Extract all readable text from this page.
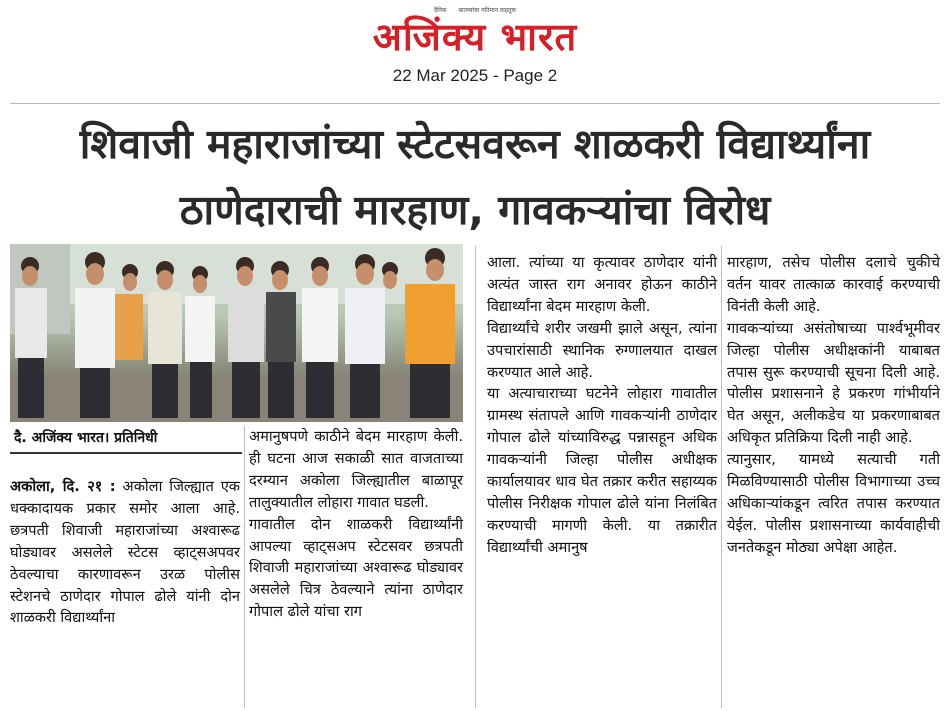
दैनिक बातम्यांचा गतिमान वाहतूक
अजिंक्य भारत
22 Mar 2025 - Page 2
शिवाजी महाराजांच्या स्टेटसवरून शाळकरी विद्यार्थ्यांना
ठाणेदाराची मारहाण, गावकऱ्यांचा विरोध
दै. अजिंक्य भारत। प्रतिनिधी

अकोला, दि. २१ : अकोला जिल्ह्यात एक धक्कादायक प्रकार समोर आला आहे. छत्रपती शिवाजी महाराजांच्या अश्वारूढ घोड्यावर असलेले स्टेटस व्हाट्सअपवर ठेवल्याचा कारणावरून उरळ पोलीस स्टेशनचे ठाणेदार गोपाल ढोले यांनी दोन शाळकरी विद्यार्थ्यांना

अमानुषपणे काठीने बेदम मारहाण केली. ही घटना आज सकाळी सात वाजताच्या दरम्यान अकोला जिल्ह्यातील बाळापूर तालुक्यातील लोहारा गावात घडली.

गावातील दोन शाळकरी विद्यार्थ्यांनी आपल्या व्हाट्सअप स्टेटसवर छत्रपती शिवाजी महाराजांच्या अश्वारूढ घोड्यावर असलेले चित्र ठेवल्याने त्यांना ठाणेदार गोपाल ढोले यांचा राग

आला. त्यांच्या या कृत्यावर ठाणेदार यांनी अत्यंत जास्त राग अनावर होऊन काठीने विद्यार्थ्यांना बेदम मारहाण केली.

विद्यार्थ्यांचे शरीर जखमी झाले असून, त्यांना उपचारांसाठी स्थानिक रुग्णालयात दाखल करण्यात आले आहे.

या अत्याचाराच्या घटनेने लोहारा गावातील ग्रामस्थ संतापले आणि गावकऱ्यांनी ठाणेदार गोपाल ढोले यांच्याविरुद्ध पन्नासहून अधिक गावकऱ्यांनी जिल्हा पोलीस अधीक्षक कार्यालयावर धाव घेत तक्रार करीत सहाय्यक पोलीस निरीक्षक गोपाल ढोले यांना निलंबित करण्याची मागणी केली. या तक्रारीत विद्यार्थ्यांची अमानुष

मारहाण, तसेच पोलीस दलाचे चुकीचे वर्तन यावर तात्काळ कारवाई करण्याची विनंती केली आहे.

गावकऱ्यांच्या असंतोषाच्या पार्श्वभूमीवर जिल्हा पोलीस अधीक्षकांनी याबाबत तपास सुरू करण्याची सूचना दिली आहे. पोलीस प्रशासनाने हे प्रकरण गांभीर्याने घेत असून, अलीकडेच या प्रकरणाबाबत अधिकृत प्रतिक्रिया दिली नाही आहे.

त्यानुसार, यामध्ये सत्याची गती मिळविण्यासाठी पोलीस विभागाच्या उच्च अधिकाऱ्यांकडून त्वरित तपास करण्यात येईल. पोलीस प्रशासनाच्या कार्यवाहीची जनतेकडून मोठ्या अपेक्षा आहेत.
